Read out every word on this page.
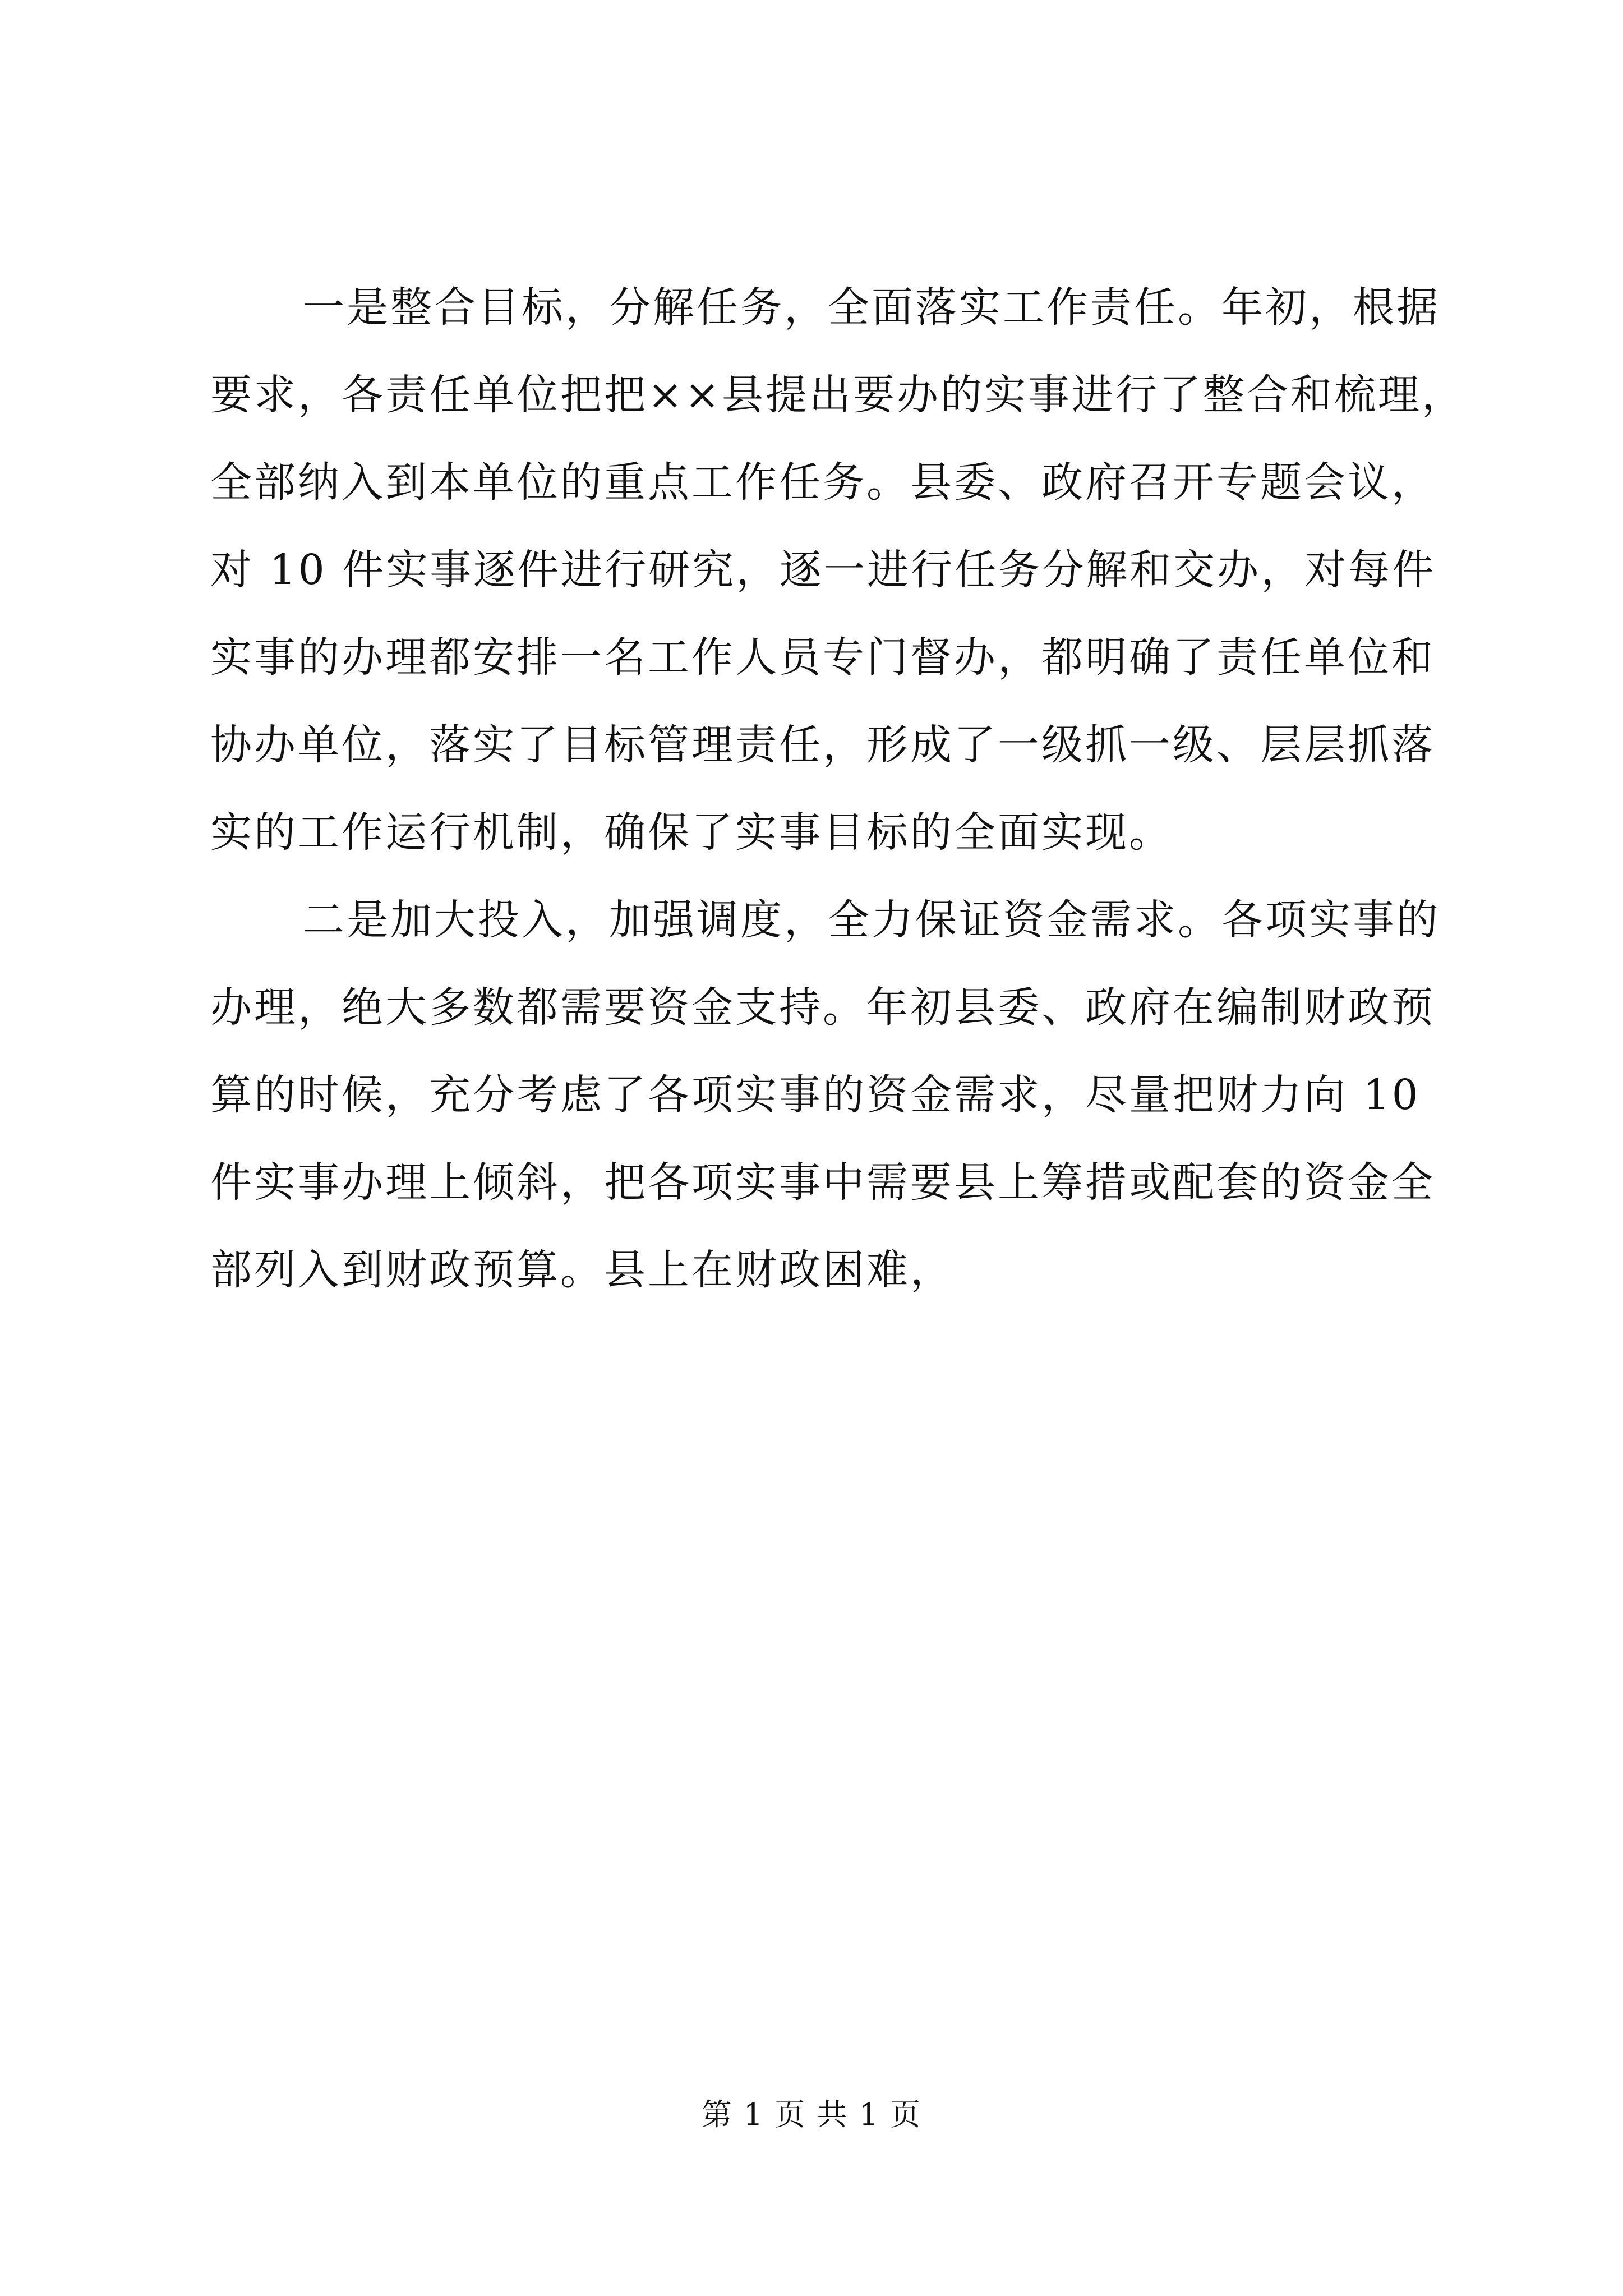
一是整合目标，分解任务，全面落实工作责任。年初，根据
要求，各责任单位把把××县提出要办的实事进行了整合和梳理，
全部纳入到本单位的重点工作任务。县委、政府召开专题会议，
对 10 件实事逐件进行研究，逐一进行任务分解和交办，对每件
实事的办理都安排一名工作人员专门督办，都明确了责任单位和
协办单位，落实了目标管理责任，形成了一级抓一级、层层抓落
实的工作运行机制，确保了实事目标的全面实现。
二是加大投入，加强调度，全力保证资金需求。各项实事的
办理，绝大多数都需要资金支持。年初县委、政府在编制财政预
算的时候，充分考虑了各项实事的资金需求，尽量把财力向 10
件实事办理上倾斜，把各项实事中需要县上筹措或配套的资金全
部列入到财政预算。县上在财政困难，
第 1 页 共 1 页
